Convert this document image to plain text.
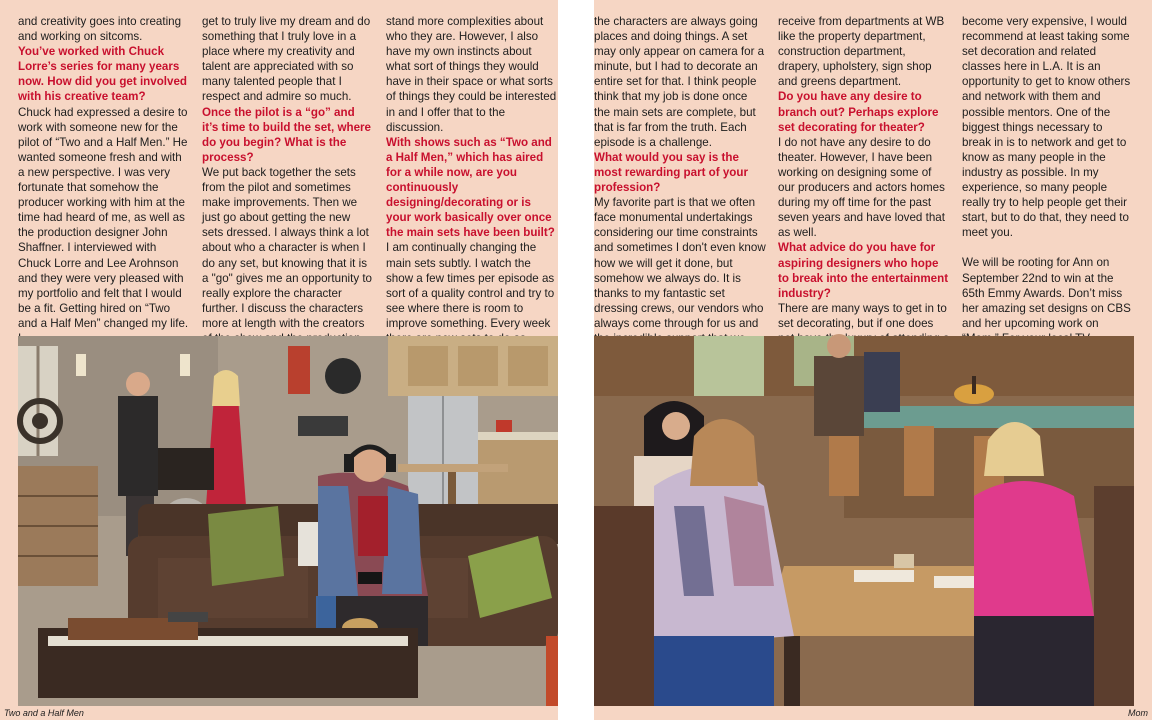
and creativity goes into creating and working on sitcoms.

You’ve worked with Chuck Lorre’s series for many years now. How did you get involved with his creative team?

Chuck had expressed a desire to work with someone new for the pilot of “Two and a Half Men.” He wanted someone fresh and with a new perspective. I was very fortunate that somehow the producer working with him at the time had heard of me, as well as the production designer John Shaffner. I interviewed with Chuck Lorre and Lee Arohnson and they were very pleased with my portfolio and felt that I would be a fit. Getting hired on “Two and a Half Men” changed my life.

get to truly live my dream and do something that I truly love in a place where my creativity and talent are appreciated with so many talented people that I respect and admire so much.

Once the pilot is a “go” and it’s time to build the set, where do you begin? What is the process?

We put back together the sets from the pilot and sometimes make improvements. Then we just go about getting the new sets dressed. I always think a lot about who a character is when I do any set, but knowing that it is a "go" gives me an opportunity to really explore the character further. I discuss the characters more at length with the creators

stand more complexities about who they are. However, I also have my own instincts about what sort of things they would have in their space or what sorts of things they could be interested in and I offer that to the discussion.

With shows such as “Two and a Half Men,” which has aired for a while now, are you continuously designing/decorating or is your work basically over once the main sets have been built?

I am continually changing the main sets subtly. I watch the show a few times per episode as sort of a quality control and try to see where there is room to improve something. Every week

Two and a Half Men

the characters are always going places and doing things. A set may only appear on camera for a minute, but I had to decorate an entire set for that. I think people think that my job is done once the main sets are complete, but that is far from the truth. Each episode is a challenge.

What would you say is the most rewarding part of your profession?

My favorite part is that we often face monumental undertakings considering our time constraints and sometimes I don't even know how we will get it done, but somehow we always do. It is thanks to my fantastic set dressing crews, our vendors who always come through for us and

receive from departments at WB like the property department, construction department, drapery, upholstery, sign shop and greens department.

Do you have any desire to branch out? Perhaps explore set decorating for theater?

I do not have any desire to do theater. However, I have been working on designing some of our producers and actors homes during my off time for the past seven years and have loved that as well.

What advice do you have for aspiring designers who hope to break into the entertainment industry?

There are many ways to get in to set decorating, but if one does

become very expensive, I would recommend at least taking some set decoration and related classes here in L.A. It is an opportunity to get to know others and network with them and possible mentors. One of the biggest things necessary to break in is to network and get to know as many people in the industry as possible. In my experience, so many people really try to help people get their start, but to do that, they need to meet you.

We will be rooting for Ann on September 22nd to win at the 65th Emmy Awards. Don’t miss her amazing set designs on CBS and her upcoming work on

Mom
